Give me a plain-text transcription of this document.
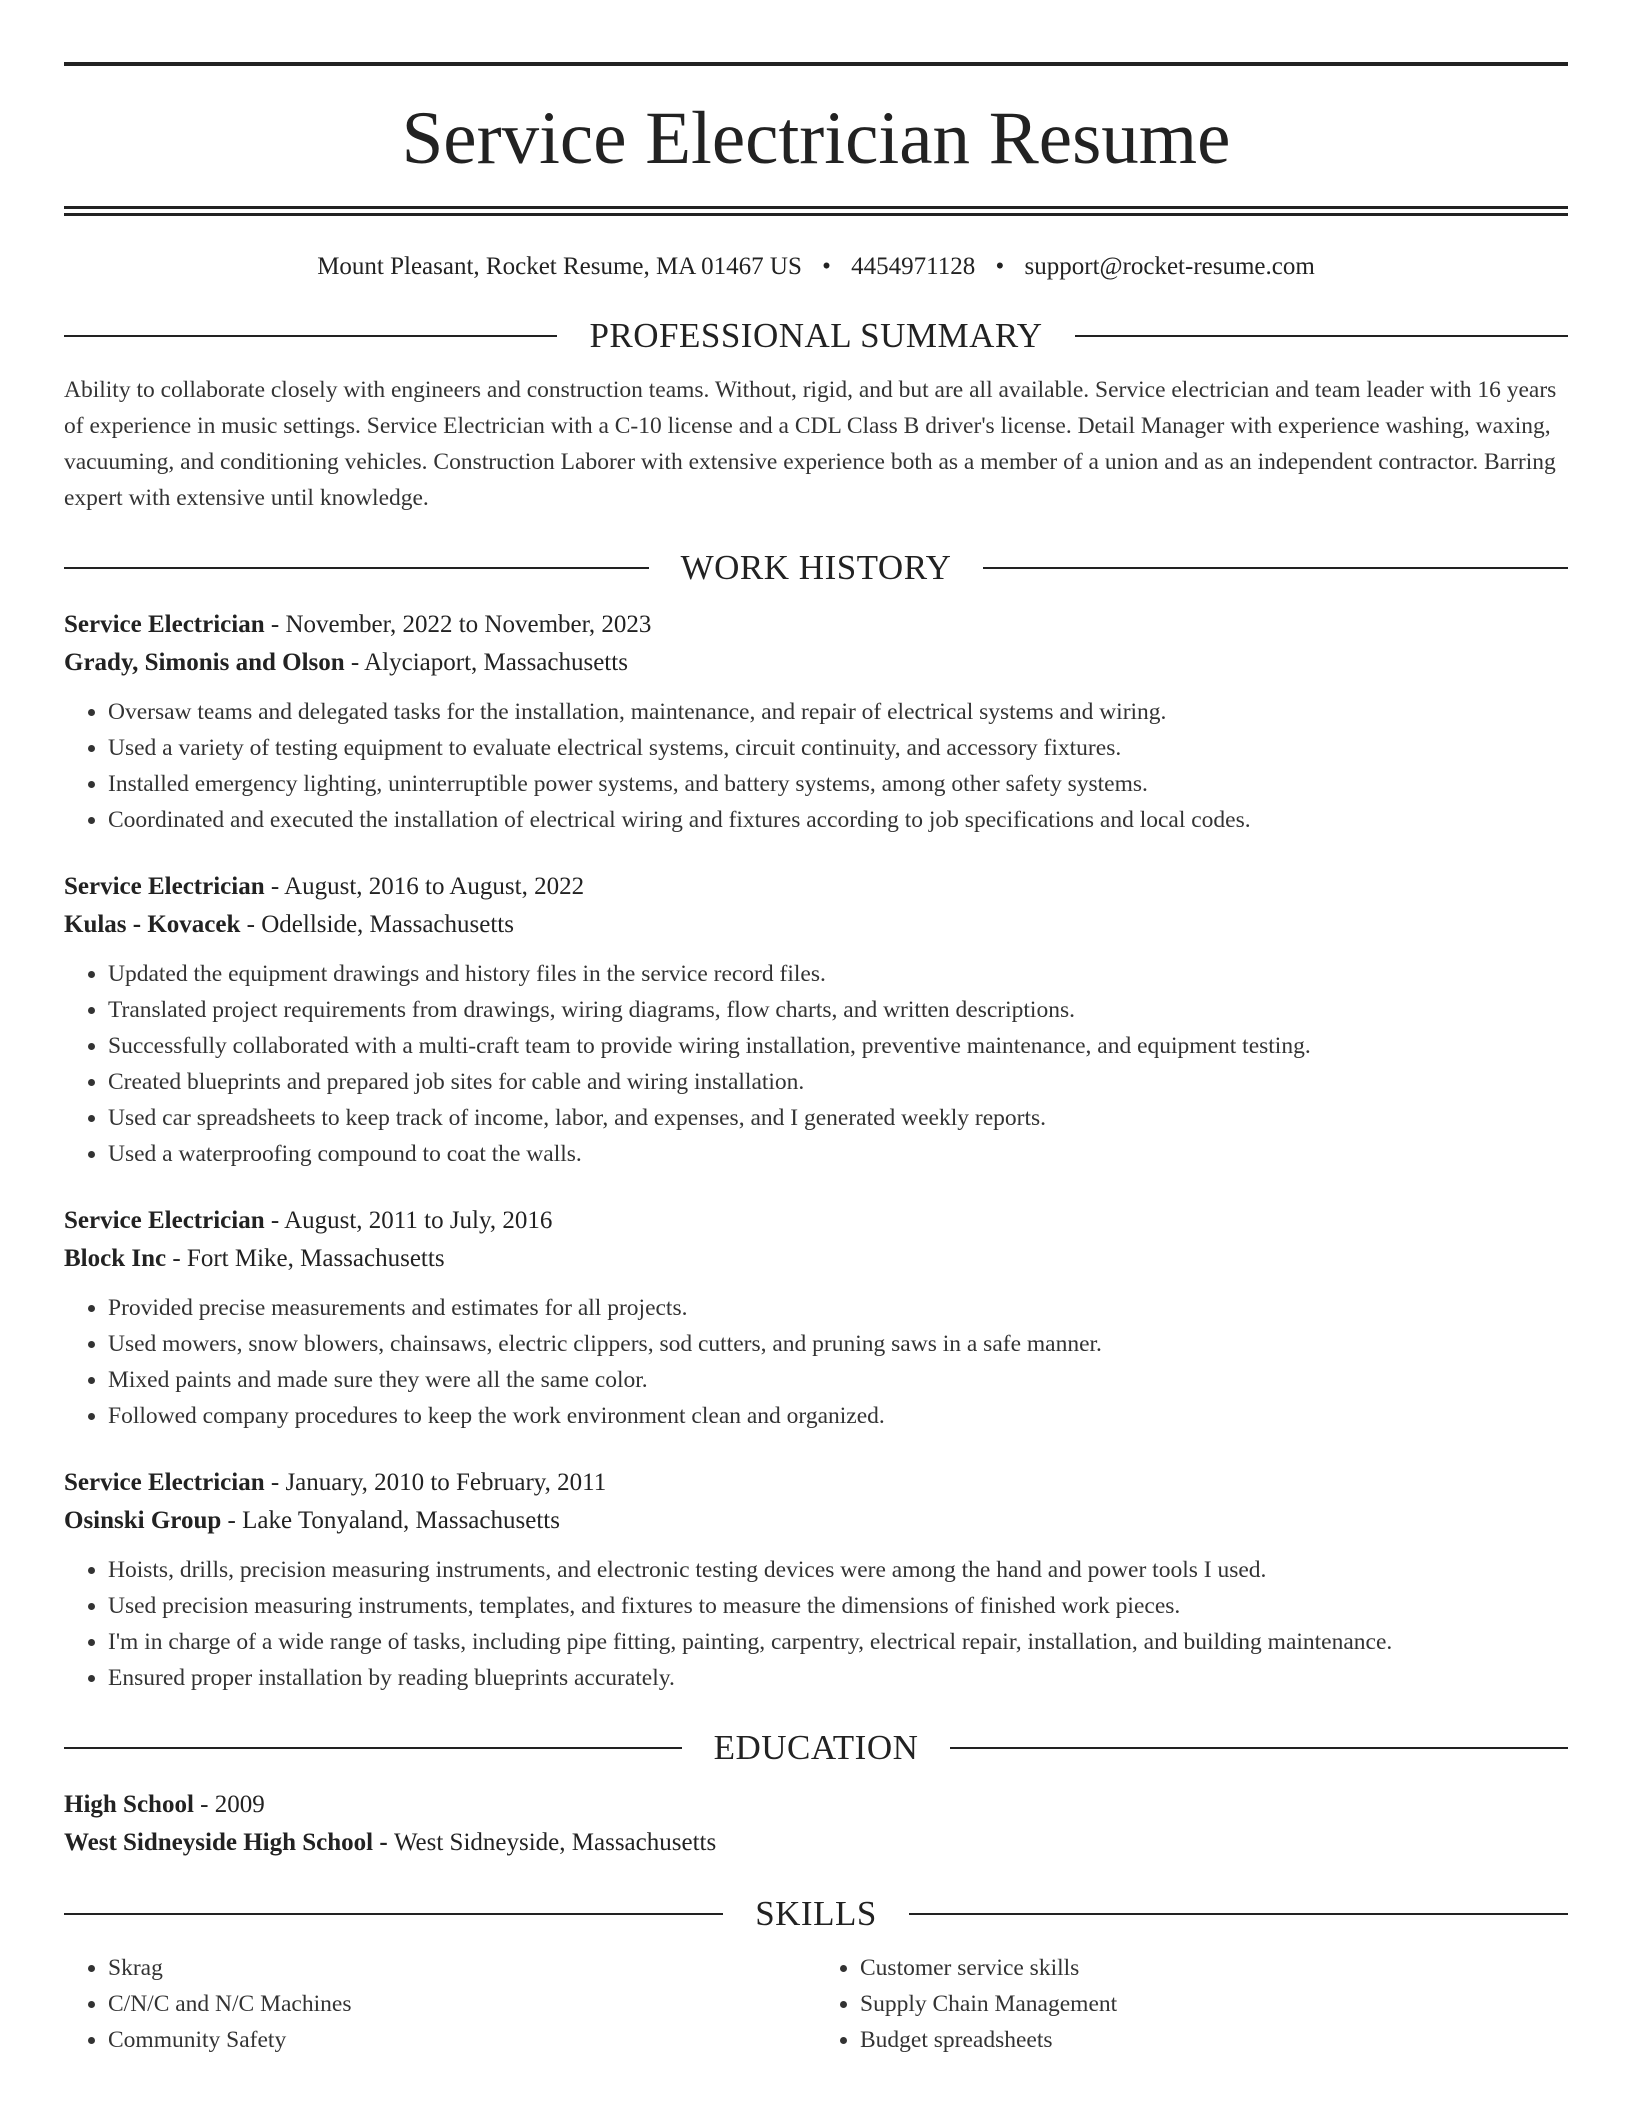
Service Electrician Resume
Mount Pleasant, Rocket Resume, MA 01467 US • 4454971128 • support@rocket-resume.com
PROFESSIONAL SUMMARY
Ability to collaborate closely with engineers and construction teams. Without, rigid, and but are all available. Service electrician and team leader with 16 years of experience in music settings. Service Electrician with a C-10 license and a CDL Class B driver's license. Detail Manager with experience washing, waxing, vacuuming, and conditioning vehicles. Construction Laborer with extensive experience both as a member of a union and as an independent contractor. Barring expert with extensive until knowledge.
WORK HISTORY
Service Electrician - November, 2022 to November, 2023
Grady, Simonis and Olson - Alyciaport, Massachusetts
• Oversaw teams and delegated tasks for the installation, maintenance, and repair of electrical systems and wiring.
• Used a variety of testing equipment to evaluate electrical systems, circuit continuity, and accessory fixtures.
• Installed emergency lighting, uninterruptible power systems, and battery systems, among other safety systems.
• Coordinated and executed the installation of electrical wiring and fixtures according to job specifications and local codes.
Service Electrician - August, 2016 to August, 2022
Kulas - Kovacek - Odellside, Massachusetts
• Updated the equipment drawings and history files in the service record files.
• Translated project requirements from drawings, wiring diagrams, flow charts, and written descriptions.
• Successfully collaborated with a multi-craft team to provide wiring installation, preventive maintenance, and equipment testing.
• Created blueprints and prepared job sites for cable and wiring installation.
• Used car spreadsheets to keep track of income, labor, and expenses, and I generated weekly reports.
• Used a waterproofing compound to coat the walls.
Service Electrician - August, 2011 to July, 2016
Block Inc - Fort Mike, Massachusetts
• Provided precise measurements and estimates for all projects.
• Used mowers, snow blowers, chainsaws, electric clippers, sod cutters, and pruning saws in a safe manner.
• Mixed paints and made sure they were all the same color.
• Followed company procedures to keep the work environment clean and organized.
Service Electrician - January, 2010 to February, 2011
Osinski Group - Lake Tonyaland, Massachusetts
• Hoists, drills, precision measuring instruments, and electronic testing devices were among the hand and power tools I used.
• Used precision measuring instruments, templates, and fixtures to measure the dimensions of finished work pieces.
• I'm in charge of a wide range of tasks, including pipe fitting, painting, carpentry, electrical repair, installation, and building maintenance.
• Ensured proper installation by reading blueprints accurately.
EDUCATION
High School - 2009
West Sidneyside High School - West Sidneyside, Massachusetts
SKILLS
• Skrag
• C/N/C and N/C Machines
• Community Safety
• Customer service skills
• Supply Chain Management
• Budget spreadsheets
